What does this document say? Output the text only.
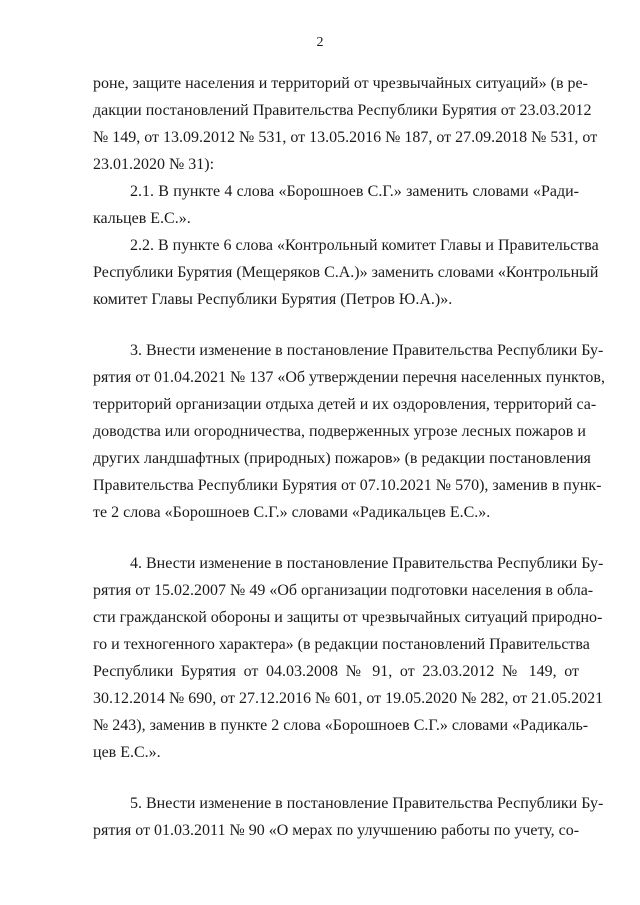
2
роне, защите населения и территорий от чрезвычайных ситуаций» (в ре-
дакции постановлений Правительства Республики Бурятия от 23.03.2012
№ 149, от 13.09.2012 № 531, от 13.05.2016 № 187, от 27.09.2018 № 531, от
23.01.2020 № 31):
2.1. В пункте 4 слова «Борошноев С.Г.» заменить словами «Ради-
кальцев Е.С.».
2.2. В пункте 6 слова «Контрольный комитет Главы и Правительства
Республики Бурятия (Мещеряков С.А.)» заменить словами «Контрольный
комитет Главы Республики Бурятия (Петров Ю.А.)».
3. Внести изменение в постановление Правительства Республики Бу-
рятия от 01.04.2021 № 137 «Об утверждении перечня населенных пунктов,
территорий организации отдыха детей и их оздоровления, территорий са-
доводства или огородничества, подверженных угрозе лесных пожаров и
других ландшафтных (природных) пожаров» (в редакции постановления
Правительства Республики Бурятия от 07.10.2021 № 570), заменив в пунк-
те 2 слова «Борошноев С.Г.» словами «Радикальцев Е.С.».
4. Внести изменение в постановление Правительства Республики Бу-
рятия от 15.02.2007 № 49 «Об организации подготовки населения в обла-
сти гражданской обороны и защиты от чрезвычайных ситуаций природно-
го и техногенного характера» (в редакции постановлений Правительства
Республики Бурятия от 04.03.2008 № 91, от 23.03.2012 № 149, от
30.12.2014 № 690, от 27.12.2016 № 601, от 19.05.2020 № 282, от 21.05.2021
№ 243), заменив в пункте 2 слова «Борошноев С.Г.» словами «Радикаль-
цев Е.С.».
5. Внести изменение в постановление Правительства Республики Бу-
рятия от 01.03.2011 № 90 «О мерах по улучшению работы по учету, со-
